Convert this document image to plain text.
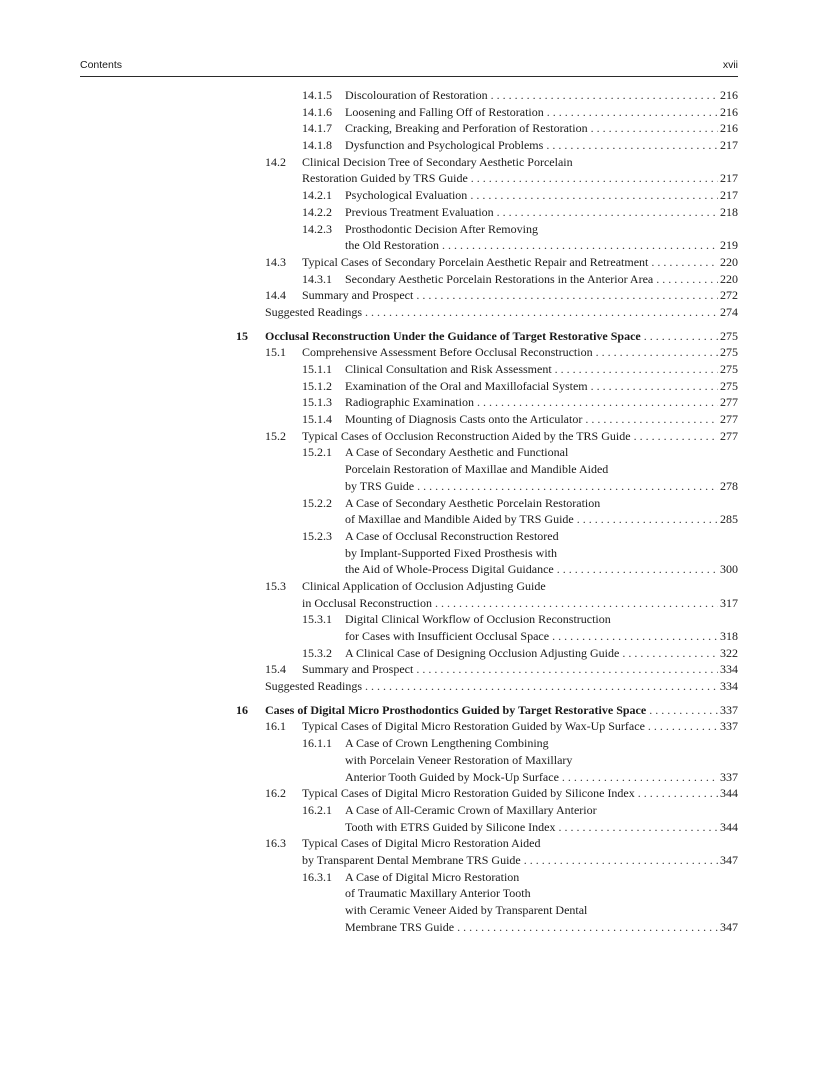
Contents	xvii
14.1.5 Discolouration of Restoration . . .	216
14.1.6 Loosening and Falling Off of Restoration . . .	216
14.1.7 Cracking, Breaking and Perforation of Restoration . . .	216
14.1.8 Dysfunction and Psychological Problems . . .	217
14.2 Clinical Decision Tree of Secondary Aesthetic Porcelain
Restoration Guided by TRS Guide . . .	217
14.2.1 Psychological Evaluation . . .	217
14.2.2 Previous Treatment Evaluation . . .	218
14.2.3 Prosthodontic Decision After Removing
the Old Restoration . . .	219
14.3 Typical Cases of Secondary Porcelain Aesthetic Repair and Retreatment . . .	220
14.3.1 Secondary Aesthetic Porcelain Restorations in the Anterior Area . . .	220
14.4 Summary and Prospect . . .	272
Suggested Readings . . .	274
15 Occlusal Reconstruction Under the Guidance of Target Restorative Space . . .	275
15.1 Comprehensive Assessment Before Occlusal Reconstruction . . .	275
15.1.1 Clinical Consultation and Risk Assessment . . .	275
15.1.2 Examination of the Oral and Maxillofacial System . . .	275
15.1.3 Radiographic Examination . . .	277
15.1.4 Mounting of Diagnosis Casts onto the Articulator . . .	277
15.2 Typical Cases of Occlusion Reconstruction Aided by the TRS Guide . . .	277
15.2.1 A Case of Secondary Aesthetic and Functional
Porcelain Restoration of Maxillae and Mandible Aided
by TRS Guide . . .	278
15.2.2 A Case of Secondary Aesthetic Porcelain Restoration
of Maxillae and Mandible Aided by TRS Guide . . .	285
15.2.3 A Case of Occlusal Reconstruction Restored
by Implant-Supported Fixed Prosthesis with
the Aid of Whole-Process Digital Guidance . . .	300
15.3 Clinical Application of Occlusion Adjusting Guide
in Occlusal Reconstruction . . .	317
15.3.1 Digital Clinical Workflow of Occlusion Reconstruction
for Cases with Insufficient Occlusal Space . . .	318
15.3.2 A Clinical Case of Designing Occlusion Adjusting Guide . . .	322
15.4 Summary and Prospect . . .	334
Suggested Readings . . .	334
16 Cases of Digital Micro Prosthodontics Guided by Target Restorative Space . . .	337
16.1 Typical Cases of Digital Micro Restoration Guided by Wax-Up Surface . . .	337
16.1.1 A Case of Crown Lengthening Combining
with Porcelain Veneer Restoration of Maxillary
Anterior Tooth Guided by Mock-Up Surface . . .	337
16.2 Typical Cases of Digital Micro Restoration Guided by Silicone Index . . .	344
16.2.1 A Case of All-Ceramic Crown of Maxillary Anterior
Tooth with ETRS Guided by Silicone Index . . .	344
16.3 Typical Cases of Digital Micro Restoration Aided
by Transparent Dental Membrane TRS Guide . . .	347
16.3.1 A Case of Digital Micro Restoration
of Traumatic Maxillary Anterior Tooth
with Ceramic Veneer Aided by Transparent Dental
Membrane TRS Guide . . .	347
